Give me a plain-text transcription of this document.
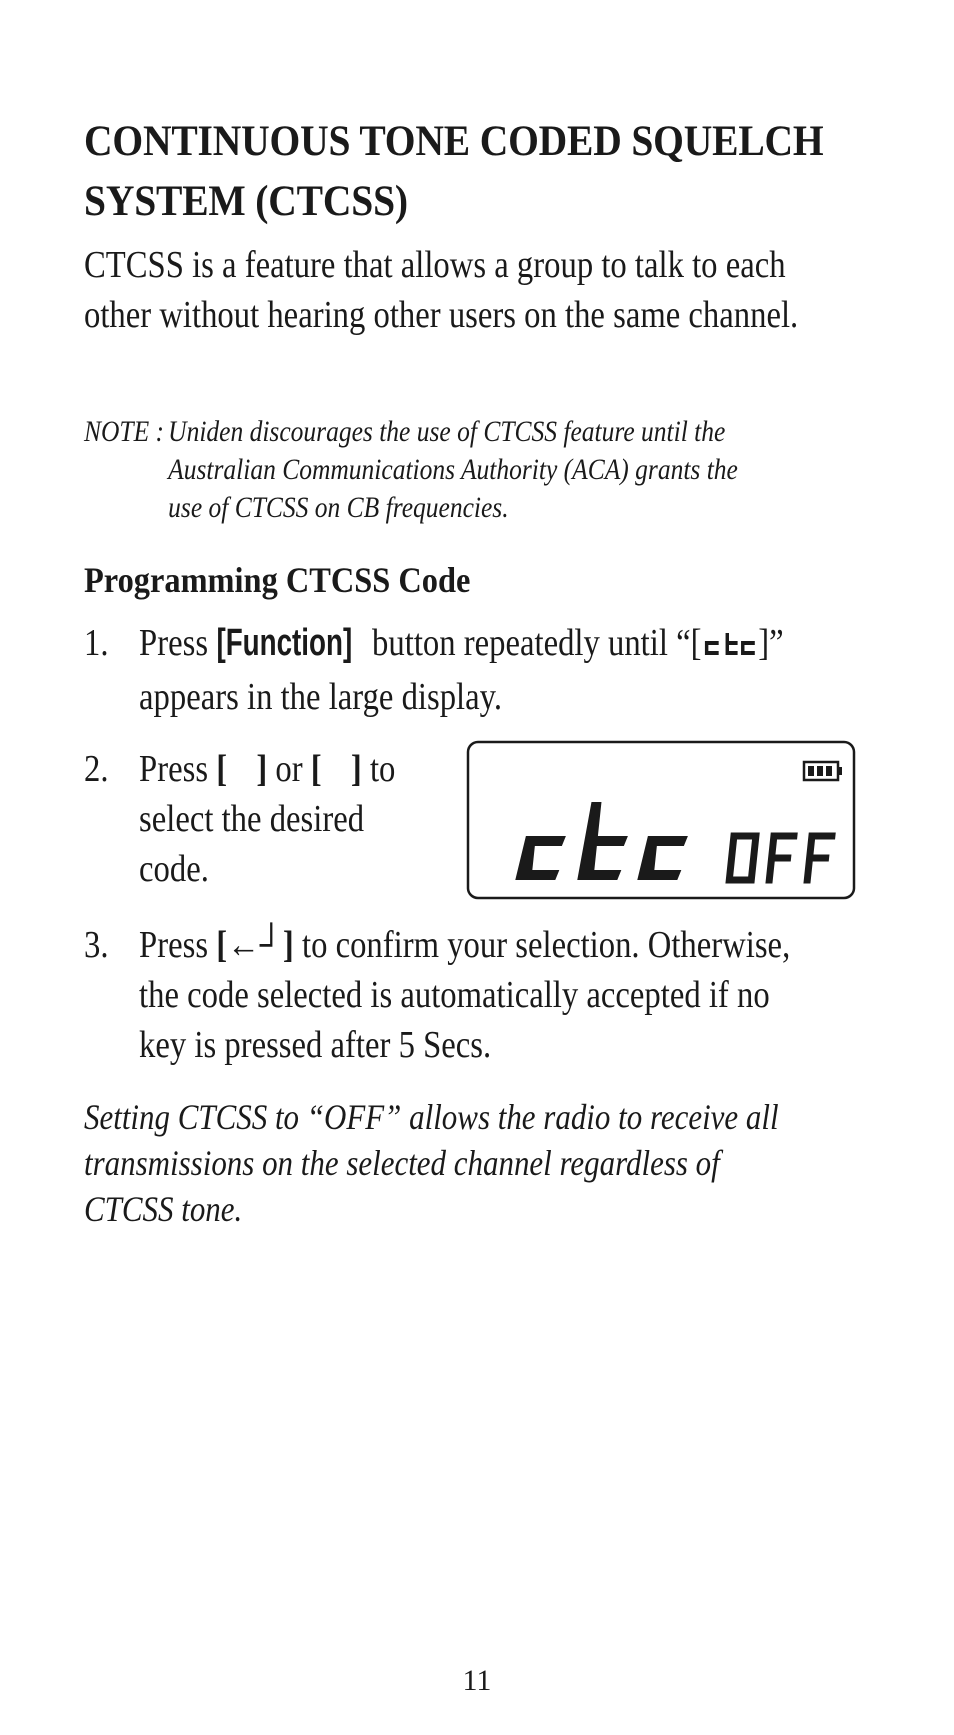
CONTINUOUS TONE CODED SQUELCH
SYSTEM (CTCSS)
CTCSS is a feature that allows a group to talk to each other without hearing other users on the same channel.
NOTE : Uniden discourages the use of CTCSS feature until the
Australian Communications Authority (ACA) grants the
use of CTCSS on CB frequencies.
Programming CTCSS Code
1. Press [Function] button repeatedly until “[ ]”
appears in the large display.
2. Press [ ] or [ ] to
select the desired
code.
3. Press [←┘] to confirm your selection. Otherwise,
the code selected is automatically accepted if no
key is pressed after 5 Secs.
Setting CTCSS to “OFF” allows the radio to receive all
transmissions on the selected channel regardless of
CTCSS tone.
11
